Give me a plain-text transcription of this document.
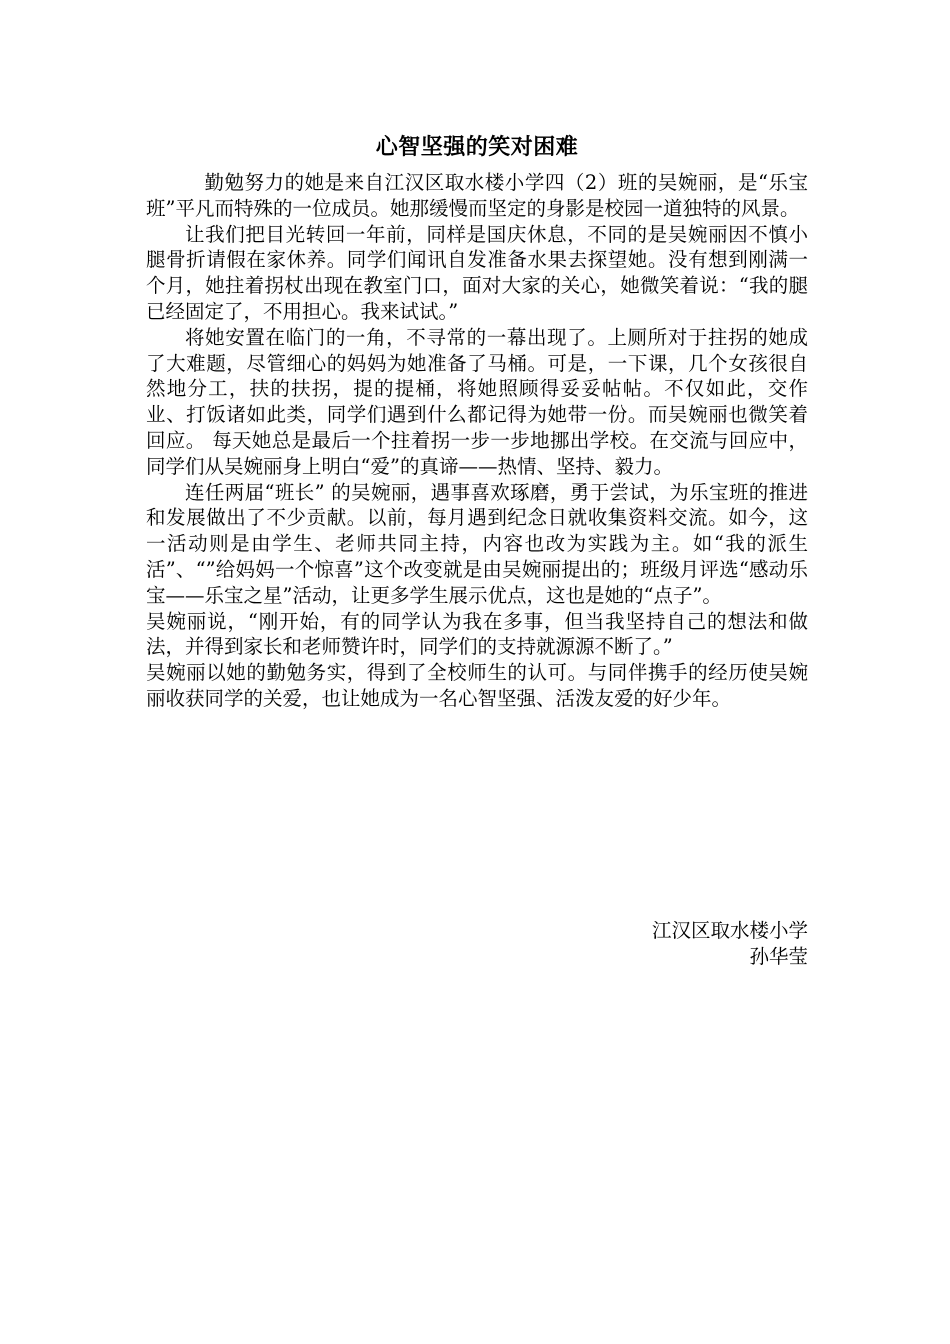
心智坚强的笑对困难

勤勉努力的她是来自江汉区取水楼小学四（2）班的吴婉丽，是“乐宝班”平凡而特殊的一位成员。她那缓慢而坚定的身影是校园一道独特的风景。

让我们把目光转回一年前，同样是国庆休息，不同的是吴婉丽因不慎小腿骨折请假在家休养。同学们闻讯自发准备水果去探望她。没有想到刚满一个月，她拄着拐杖出现在教室门口，面对大家的关心，她微笑着说：“我的腿已经固定了，不用担心。我来试试。”

将她安置在临门的一角，不寻常的一幕出现了。上厕所对于拄拐的她成了大难题，尽管细心的妈妈为她准备了马桶。可是，一下课，几个女孩很自然地分工，扶的扶拐，提的提桶，将她照顾得妥妥帖帖。不仅如此，交作业、打饭诸如此类，同学们遇到什么都记得为她带一份。而吴婉丽也微笑着回应。 每天她总是最后一个拄着拐一步一步地挪出学校。在交流与回应中，同学们从吴婉丽身上明白“爱”的真谛——热情、坚持、毅力。

连任两届“班长” 的吴婉丽，遇事喜欢琢磨，勇于尝试，为乐宝班的推进和发展做出了不少贡献。以前，每月遇到纪念日就收集资料交流。如今，这一活动则是由学生、老师共同主持，内容也改为实践为主。如“我的派生活”、“”给妈妈一个惊喜”这个改变就是由吴婉丽提出的；班级月评选“感动乐宝——乐宝之星”活动，让更多学生展示优点，这也是她的“点子”。

吴婉丽说，“刚开始，有的同学认为我在多事，但当我坚持自己的想法和做法，并得到家长和老师赞许时，同学们的支持就源源不断了。”

吴婉丽以她的勤勉务实，得到了全校师生的认可。与同伴携手的经历使吴婉丽收获同学的关爱，也让她成为一名心智坚强、活泼友爱的好少年。

江汉区取水楼小学
孙华莹
